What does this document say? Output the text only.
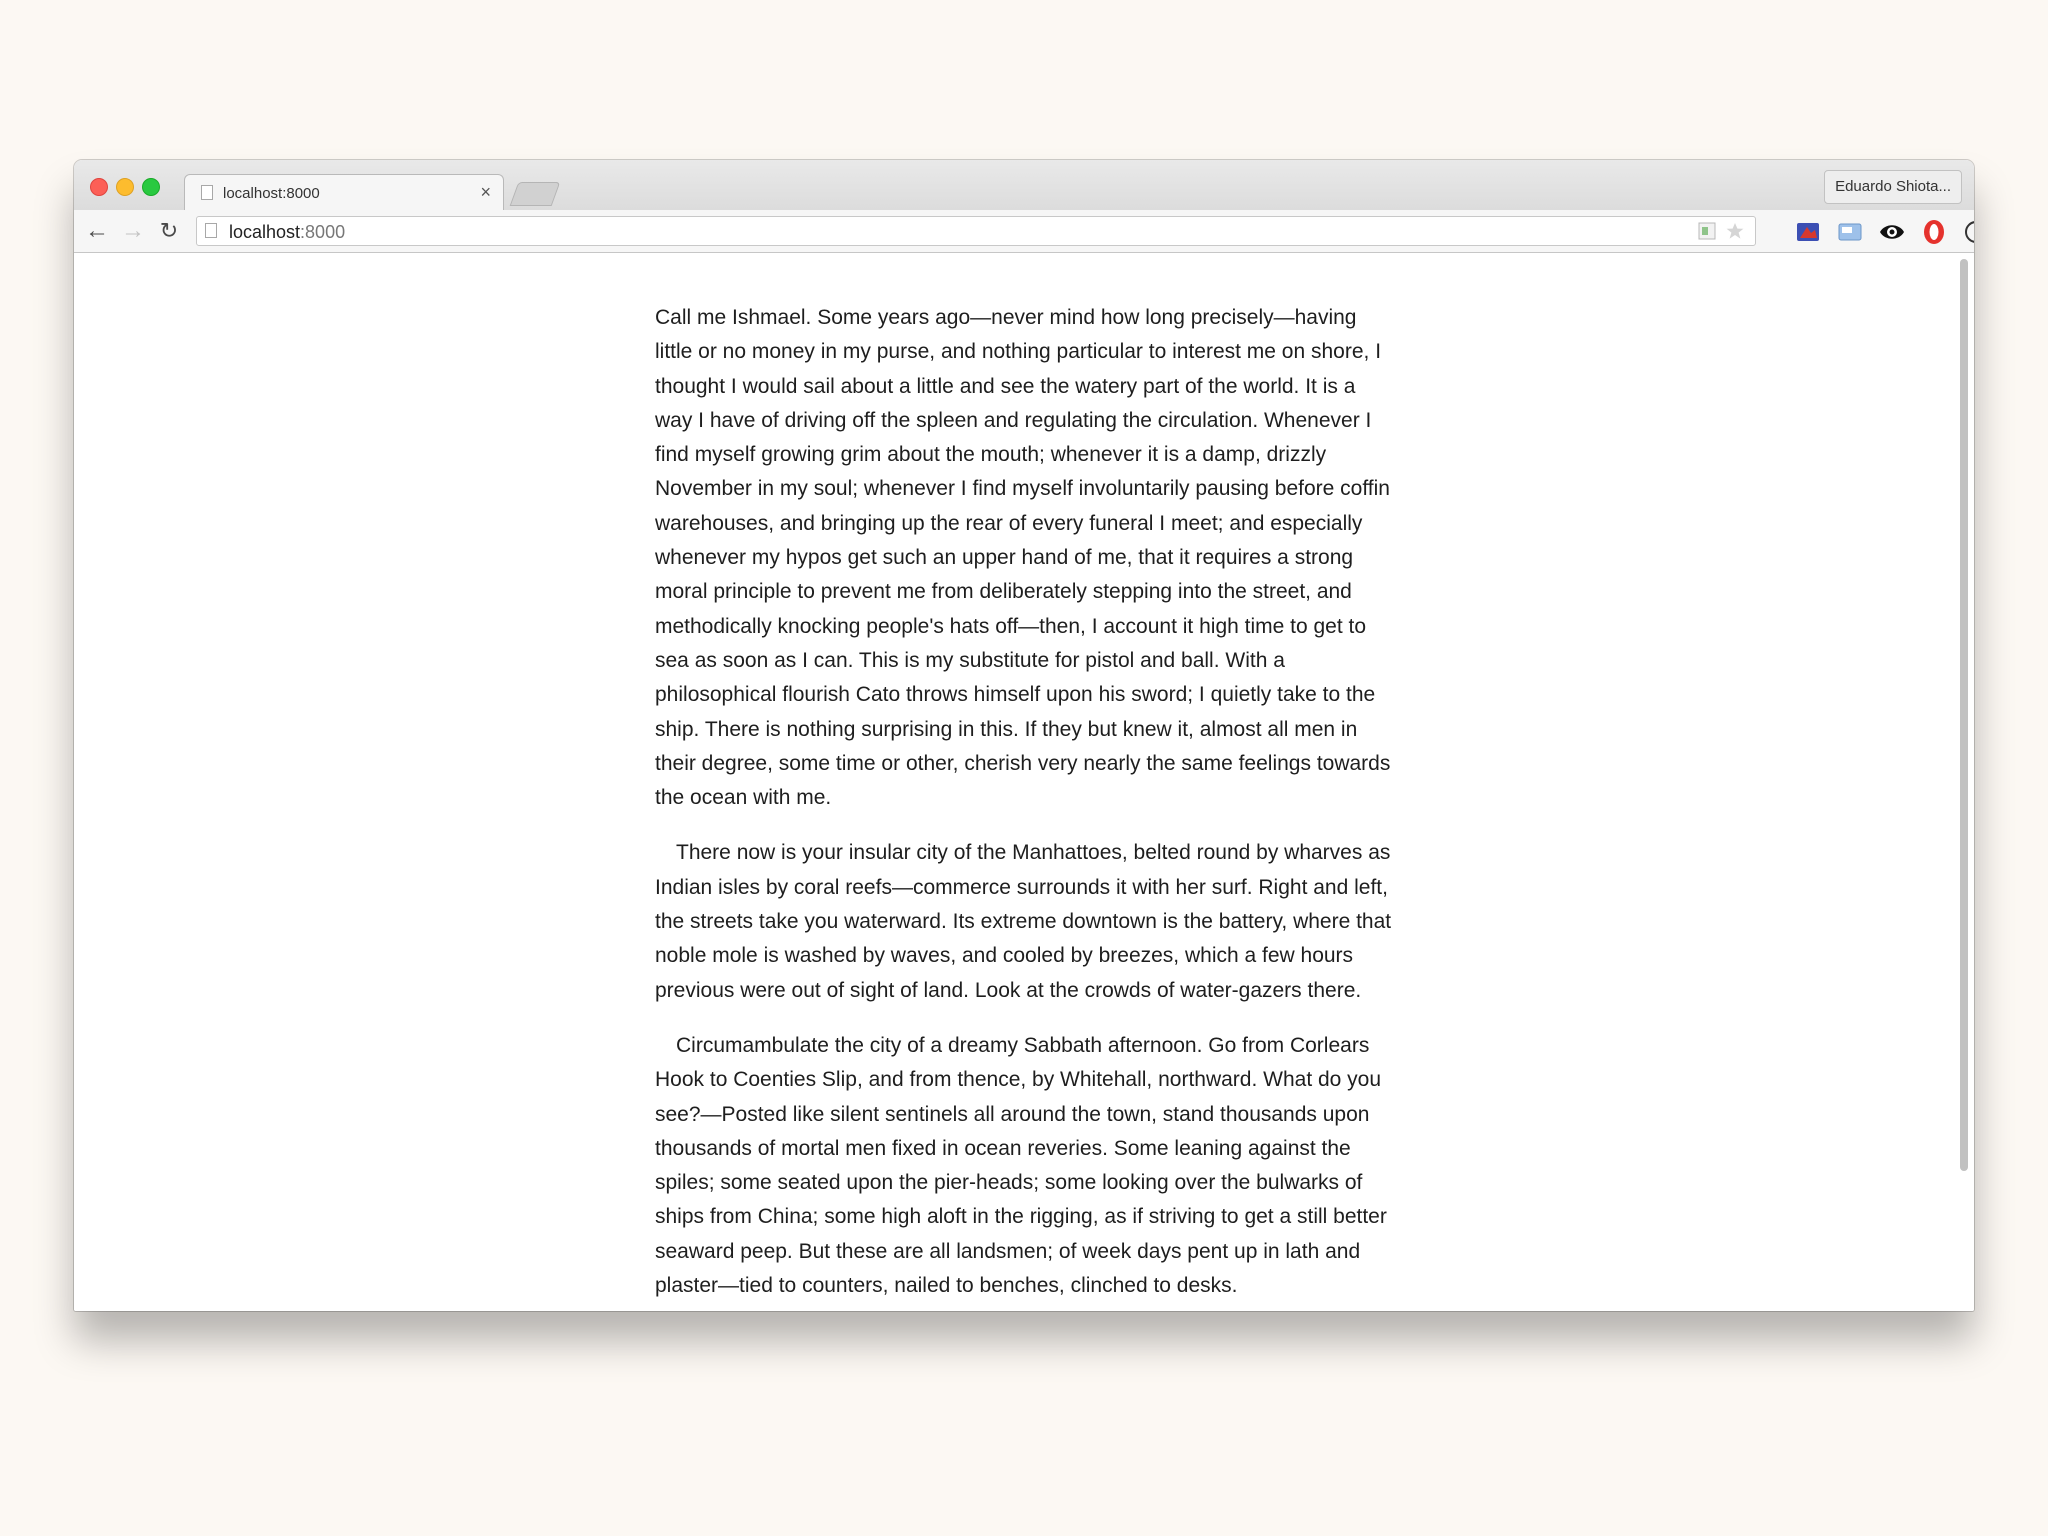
localhost:8000	×	Eduardo Shiota...
← → ↻	localhost:8000

Call me Ishmael. Some years ago—never mind how long precisely—having little or no money in my purse, and nothing particular to interest me on shore, I thought I would sail about a little and see the watery part of the world. It is a way I have of driving off the spleen and regulating the circulation. Whenever I find myself growing grim about the mouth; whenever it is a damp, drizzly November in my soul; whenever I find myself involuntarily pausing before coffin warehouses, and bringing up the rear of every funeral I meet; and especially whenever my hypos get such an upper hand of me, that it requires a strong moral principle to prevent me from deliberately stepping into the street, and methodically knocking people's hats off—then, I account it high time to get to sea as soon as I can. This is my substitute for pistol and ball. With a philosophical flourish Cato throws himself upon his sword; I quietly take to the ship. There is nothing surprising in this. If they but knew it, almost all men in their degree, some time or other, cherish very nearly the same feelings towards the ocean with me.

There now is your insular city of the Manhattoes, belted round by wharves as Indian isles by coral reefs—commerce surrounds it with her surf. Right and left, the streets take you waterward. Its extreme downtown is the battery, where that noble mole is washed by waves, and cooled by breezes, which a few hours previous were out of sight of land. Look at the crowds of water-gazers there.

Circumambulate the city of a dreamy Sabbath afternoon. Go from Corlears Hook to Coenties Slip, and from thence, by Whitehall, northward. What do you see?—Posted like silent sentinels all around the town, stand thousands upon thousands of mortal men fixed in ocean reveries. Some leaning against the spiles; some seated upon the pier-heads; some looking over the bulwarks of ships from China; some high aloft in the rigging, as if striving to get a still better seaward peep. But these are all landsmen; of week days pent up in lath and plaster—tied to counters, nailed to benches, clinched to desks.
